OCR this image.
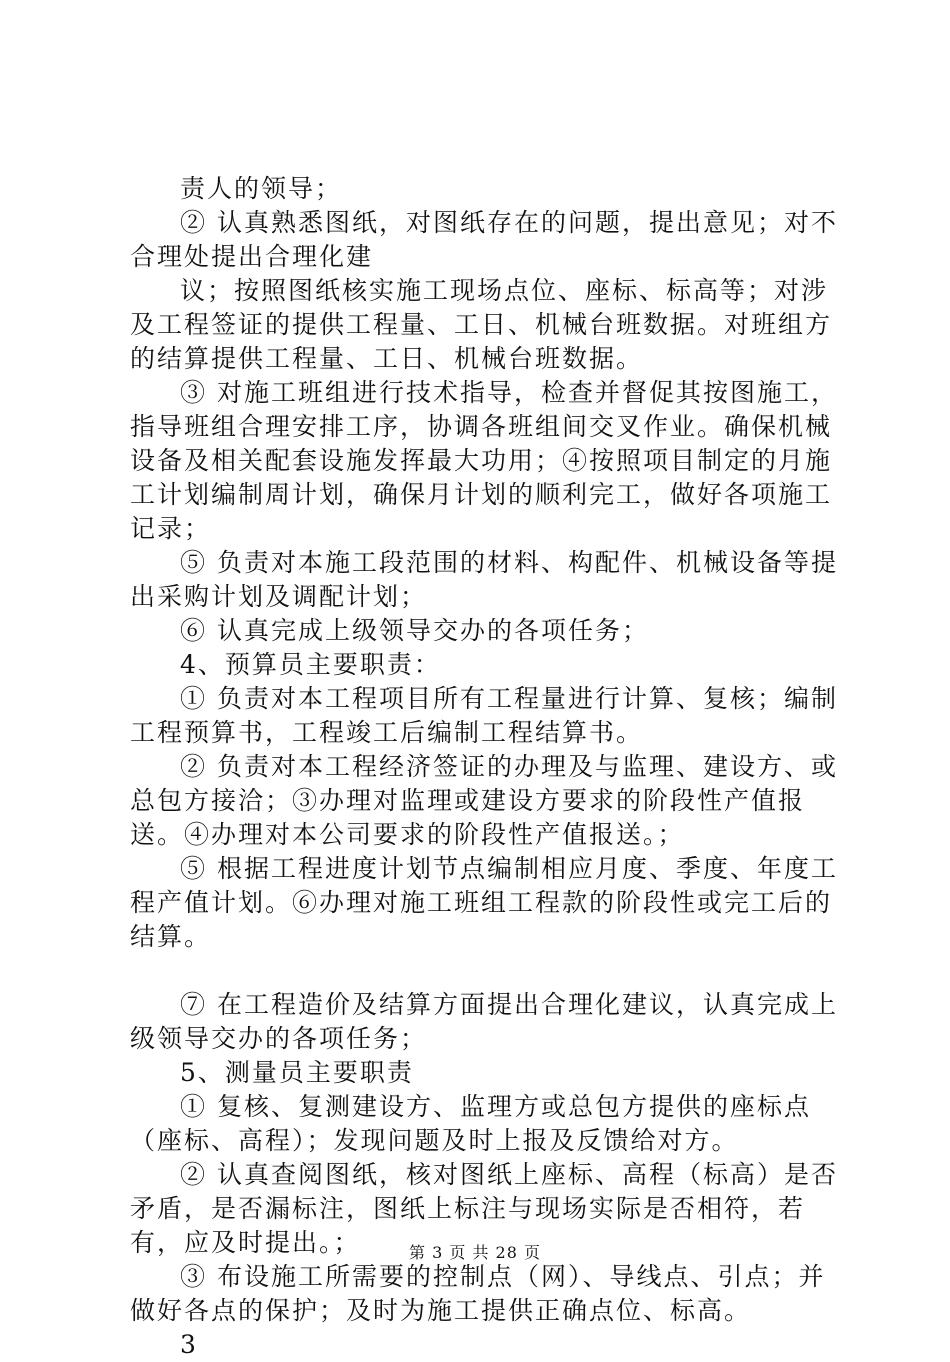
责人的领导；

② 认真熟悉图纸，对图纸存在的问题，提出意见；对不合理处提出合理化建

议；按照图纸核实施工现场点位、座标、标高等；对涉及工程签证的提供工程量、工日、机械台班数据。对班组方的结算提供工程量、工日、机械台班数据。

③ 对施工班组进行技术指导，检查并督促其按图施工，指导班组合理安排工序，协调各班组间交叉作业。确保机械设备及相关配套设施发挥最大功用；④按照项目制定的月施工计划编制周计划，确保月计划的顺利完工，做好各项施工记录；

⑤ 负责对本施工段范围的材料、构配件、机械设备等提出采购计划及调配计划；

⑥ 认真完成上级领导交办的各项任务；

4、预算员主要职责：

① 负责对本工程项目所有工程量进行计算、复核；编制工程预算书，工程竣工后编制工程结算书。

② 负责对本工程经济签证的办理及与监理、建设方、或总包方接洽；③办理对监理或建设方要求的阶段性产值报送。④办理对本公司要求的阶段性产值报送。；

⑤ 根据工程进度计划节点编制相应月度、季度、年度工程产值计划。⑥办理对施工班组工程款的阶段性或完工后的结算。

⑦ 在工程造价及结算方面提出合理化建议，认真完成上级领导交办的各项任务；

5、测量员主要职责

① 复核、复测建设方、监理方或总包方提供的座标点（座标、高程）；发现问题及时上报及反馈给对方。

② 认真查阅图纸，核对图纸上座标、高程（标高）是否矛盾，是否漏标注，图纸上标注与现场实际是否相符，若有，应及时提出。；

③ 布设施工所需要的控制点（网）、导线点、引点；并做好各点的保护；及时为施工提供正确点位、标高。

3

第 3 页 共 28 页
